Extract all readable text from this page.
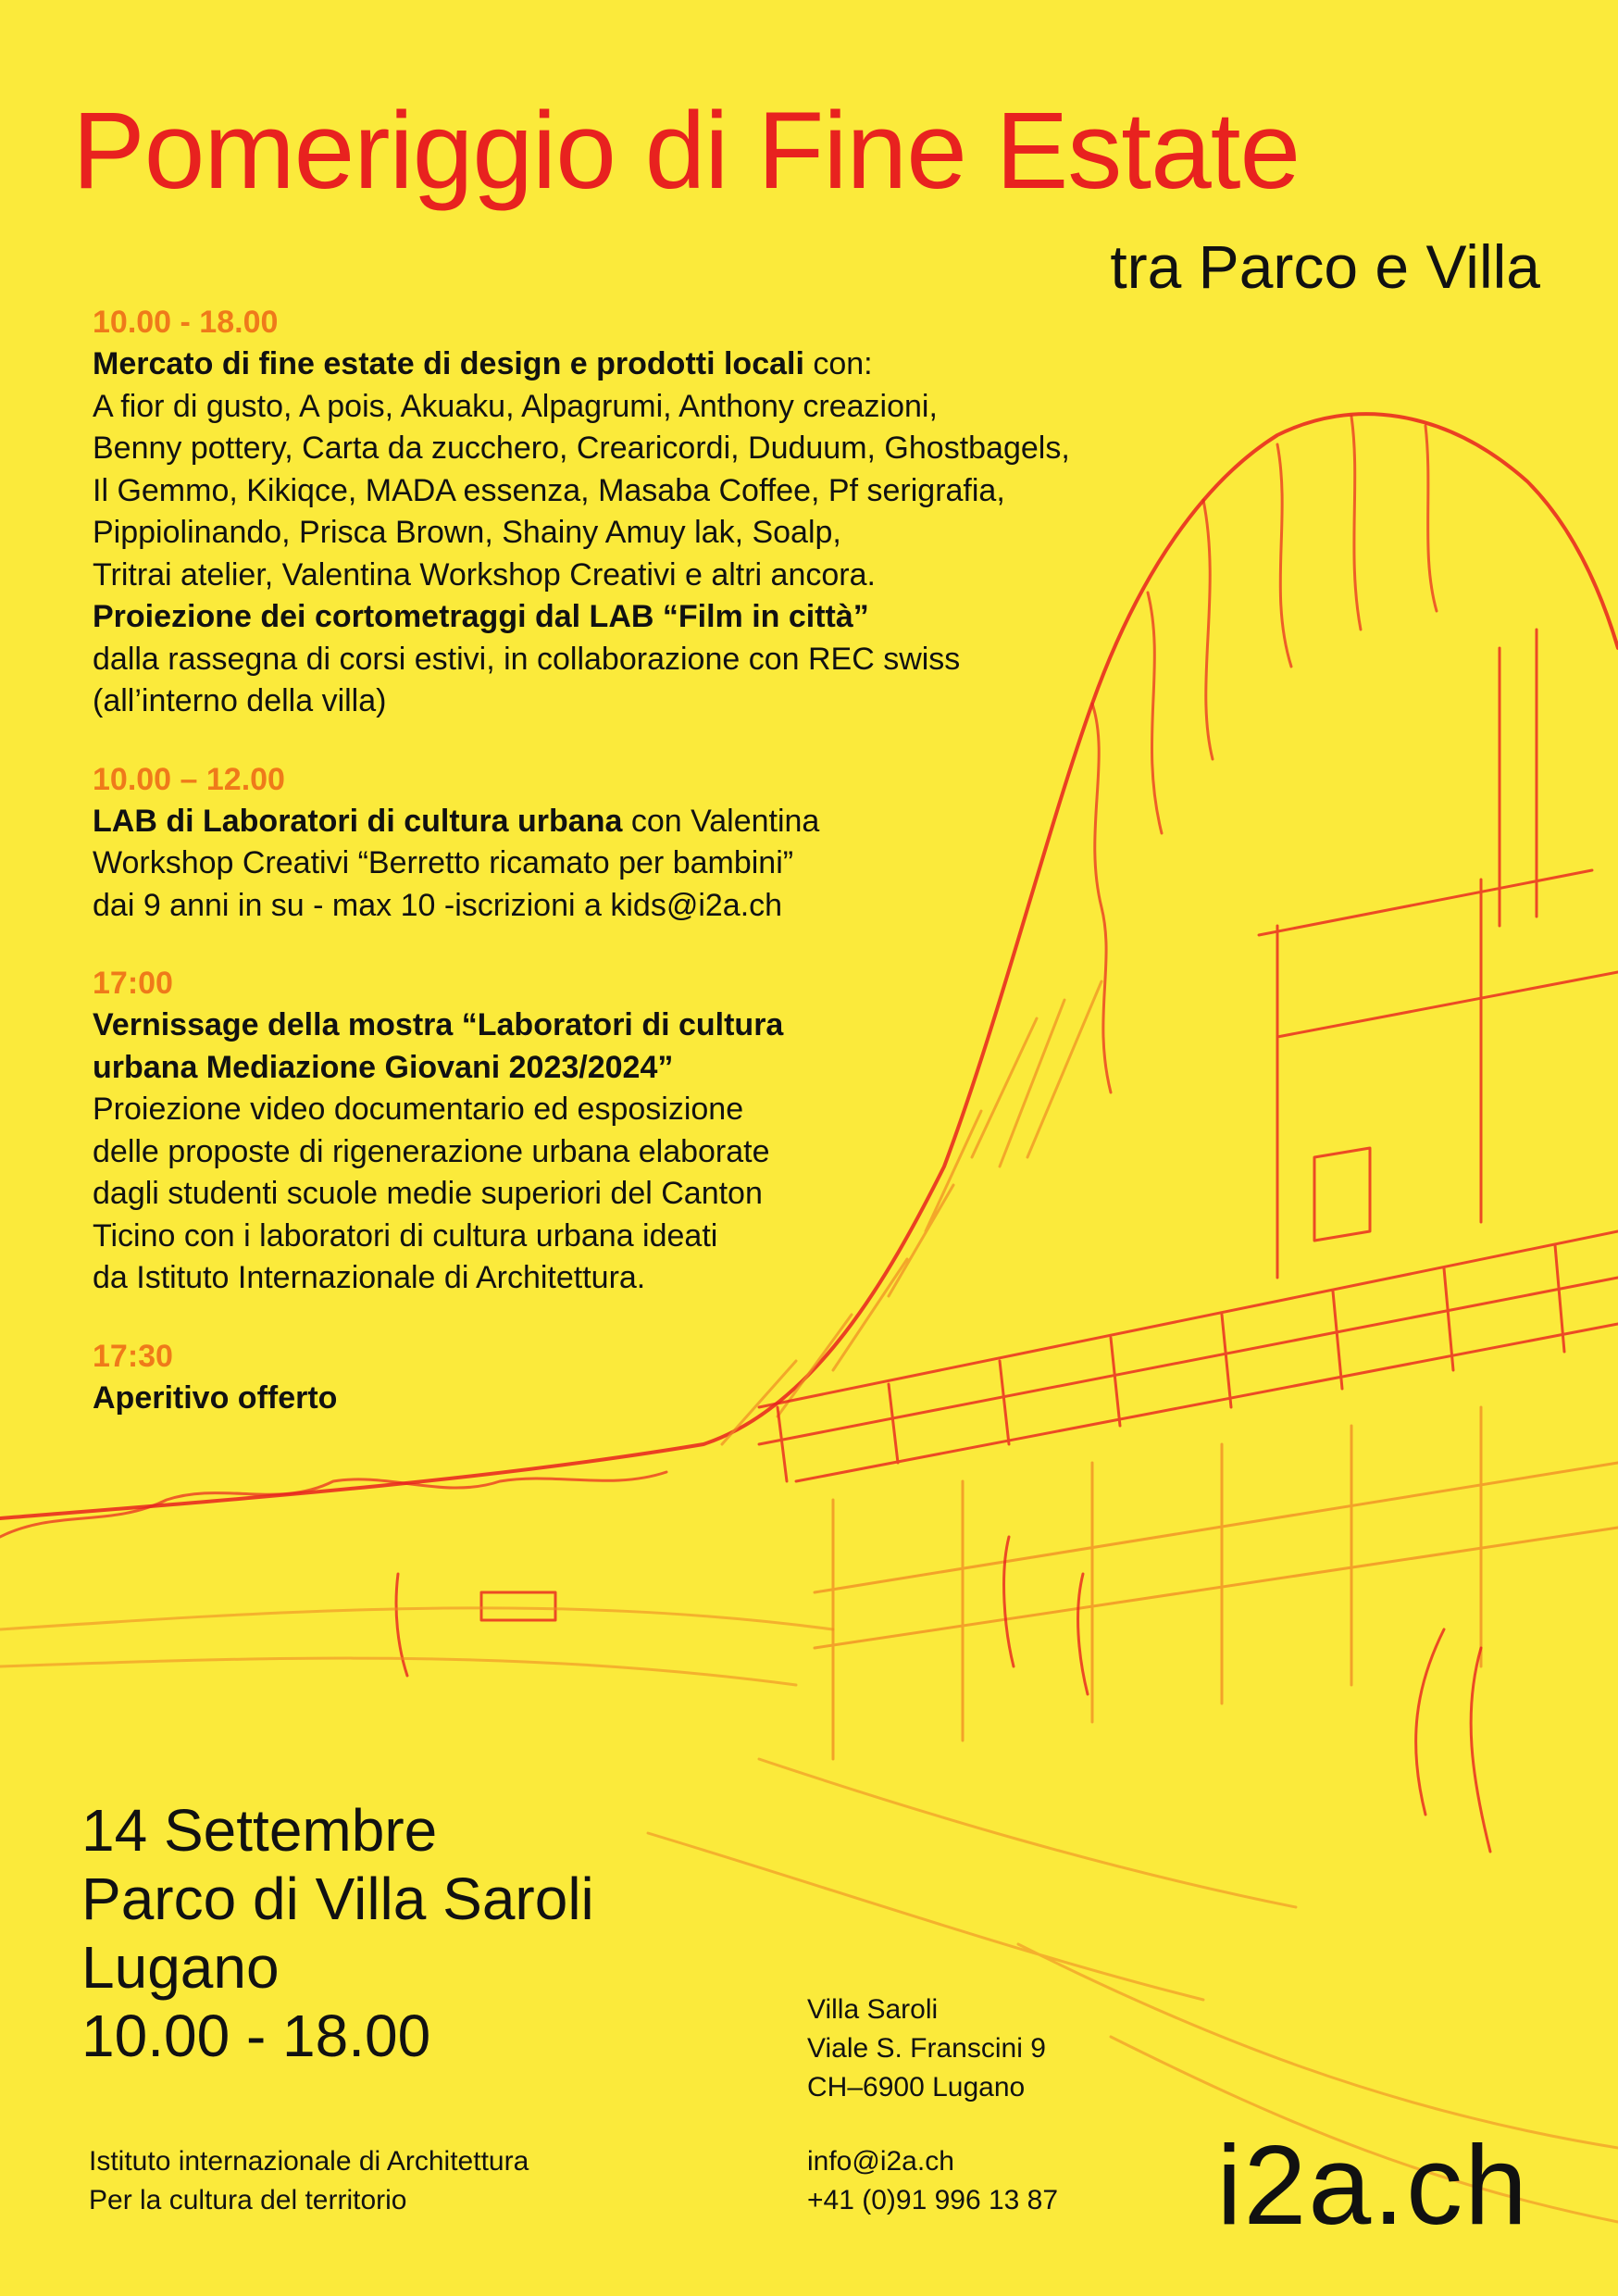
Pomeriggio di Fine Estate
tra Parco e Villa
10.00 - 18.00
Mercato di fine estate di design e prodotti locali con:
A fior di gusto, A pois, Akuaku, Alpagrumi, Anthony creazioni,
Benny pottery, Carta da zucchero, Crearicordi, Duduum, Ghostbagels,
Il Gemmo, Kikiqce, MADA essenza, Masaba Coffee, Pf serigrafia,
Pippiolinando, Prisca Brown, Shainy Amuy lak, Soalp,
Tritrai atelier, Valentina Workshop Creativi e altri ancora.
Proiezione dei cortometraggi dal LAB “Film in città”
dalla rassegna di corsi estivi, in collaborazione con REC swiss
(all’interno della villa)
10.00 – 12.00
LAB di Laboratori di cultura urbana con Valentina
Workshop Creativi “Berretto ricamato per bambini”
dai 9 anni in su - max 10 -iscrizioni a kids@i2a.ch
17:00
Vernissage della mostra “Laboratori di cultura
urbana Mediazione Giovani 2023/2024”
Proiezione video documentario ed esposizione
delle proposte di rigenerazione urbana elaborate
dagli studenti scuole medie superiori del Canton
Ticino con i laboratori di cultura urbana ideati
da Istituto Internazionale di Architettura.
17:30
Aperitivo offerto
14 Settembre
Parco di Villa Saroli
Lugano
10.00 - 18.00	Villa Saroli
Viale S. Franscini 9
CH–6900 Lugano
Istituto internazionale di Architettura
Per la cultura del territorio
info@i2a.ch
+41 (0)91 996 13 87 i2a.ch
